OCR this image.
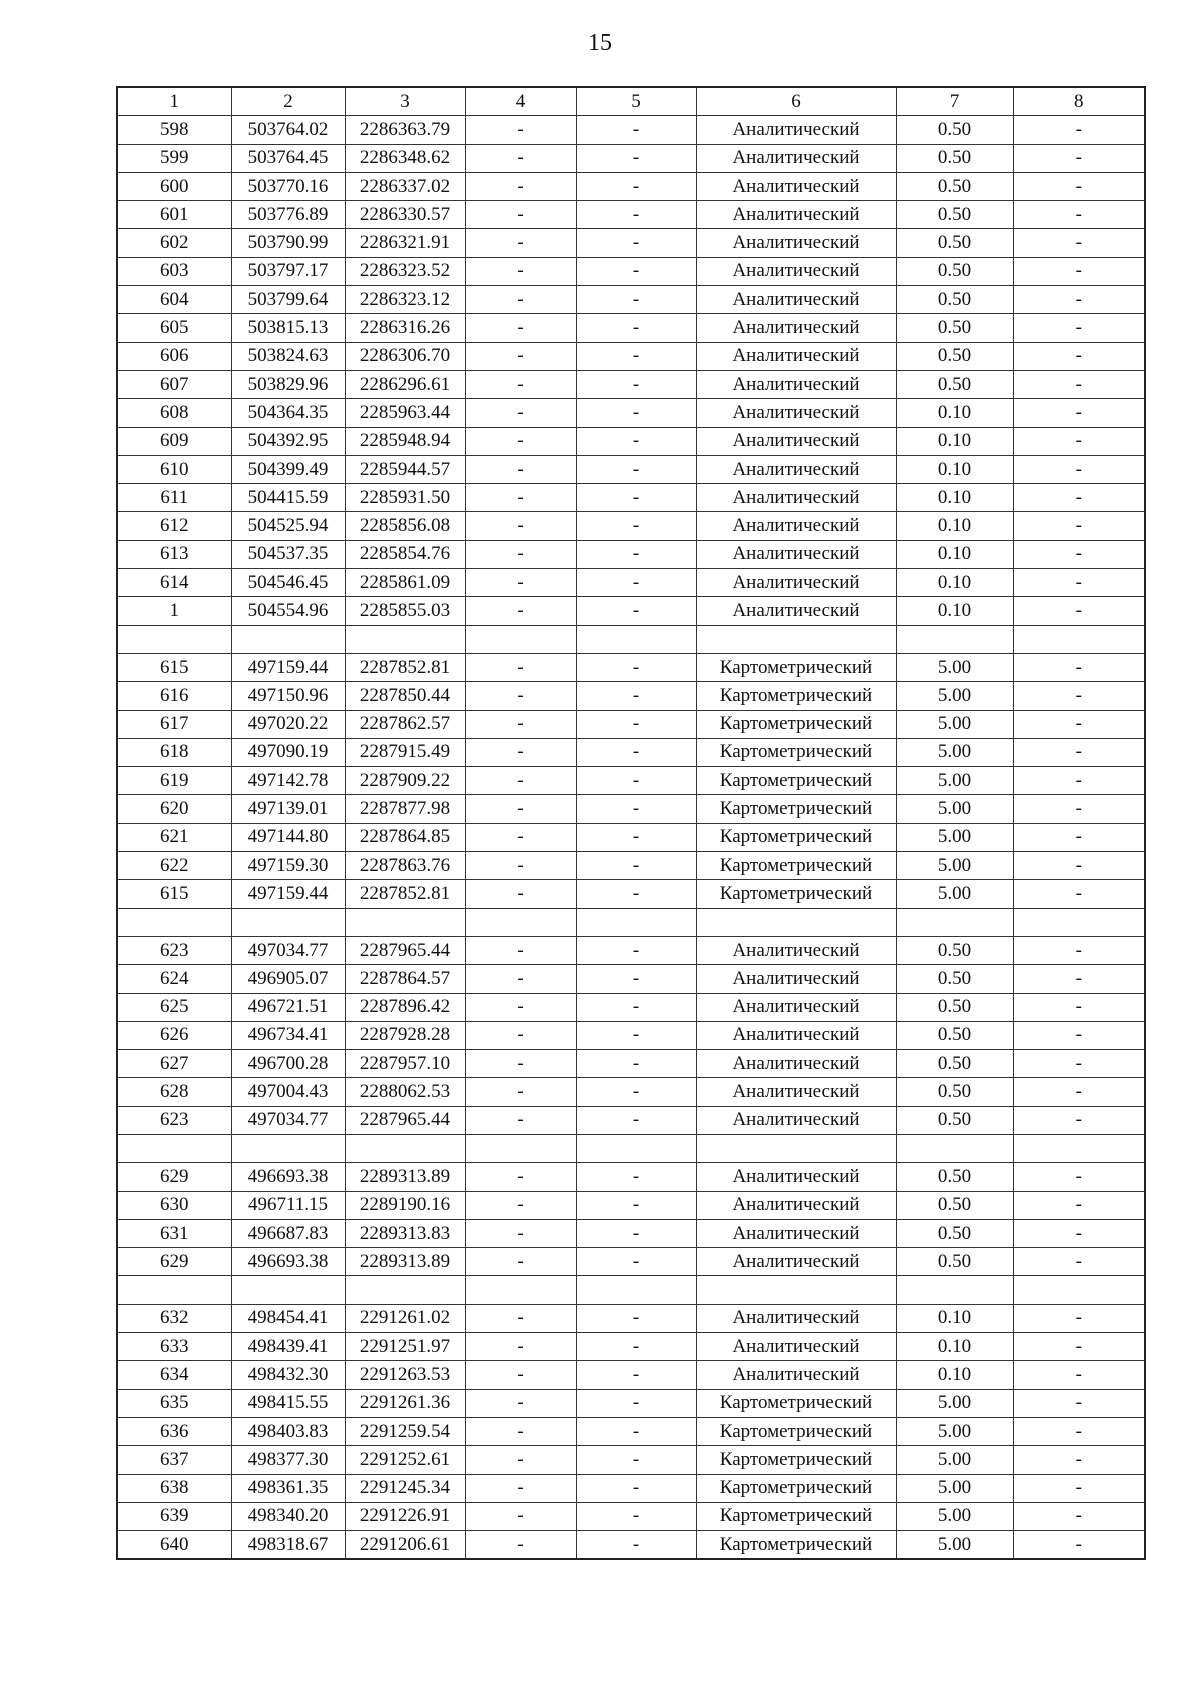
15
1	2	3	4	5	6	7	8
598	503764.02	2286363.79	-	-	Аналитический	0.50	-
599	503764.45	2286348.62	-	-	Аналитический	0.50	-
600	503770.16	2286337.02	-	-	Аналитический	0.50	-
601	503776.89	2286330.57	-	-	Аналитический	0.50	-
602	503790.99	2286321.91	-	-	Аналитический	0.50	-
603	503797.17	2286323.52	-	-	Аналитический	0.50	-
604	503799.64	2286323.12	-	-	Аналитический	0.50	-
605	503815.13	2286316.26	-	-	Аналитический	0.50	-
606	503824.63	2286306.70	-	-	Аналитический	0.50	-
607	503829.96	2286296.61	-	-	Аналитический	0.50	-
608	504364.35	2285963.44	-	-	Аналитический	0.10	-
609	504392.95	2285948.94	-	-	Аналитический	0.10	-
610	504399.49	2285944.57	-	-	Аналитический	0.10	-
611	504415.59	2285931.50	-	-	Аналитический	0.10	-
612	504525.94	2285856.08	-	-	Аналитический	0.10	-
613	504537.35	2285854.76	-	-	Аналитический	0.10	-
614	504546.45	2285861.09	-	-	Аналитический	0.10	-
1	504554.96	2285855.03	-	-	Аналитический	0.10	-

615	497159.44	2287852.81	-	-	Картометрический	5.00	-
616	497150.96	2287850.44	-	-	Картометрический	5.00	-
617	497020.22	2287862.57	-	-	Картометрический	5.00	-
618	497090.19	2287915.49	-	-	Картометрический	5.00	-
619	497142.78	2287909.22	-	-	Картометрический	5.00	-
620	497139.01	2287877.98	-	-	Картометрический	5.00	-
621	497144.80	2287864.85	-	-	Картометрический	5.00	-
622	497159.30	2287863.76	-	-	Картометрический	5.00	-
615	497159.44	2287852.81	-	-	Картометрический	5.00	-

623	497034.77	2287965.44	-	-	Аналитический	0.50	-
624	496905.07	2287864.57	-	-	Аналитический	0.50	-
625	496721.51	2287896.42	-	-	Аналитический	0.50	-
626	496734.41	2287928.28	-	-	Аналитический	0.50	-
627	496700.28	2287957.10	-	-	Аналитический	0.50	-
628	497004.43	2288062.53	-	-	Аналитический	0.50	-
623	497034.77	2287965.44	-	-	Аналитический	0.50	-

629	496693.38	2289313.89	-	-	Аналитический	0.50	-
630	496711.15	2289190.16	-	-	Аналитический	0.50	-
631	496687.83	2289313.83	-	-	Аналитический	0.50	-
629	496693.38	2289313.89	-	-	Аналитический	0.50	-

632	498454.41	2291261.02	-	-	Аналитический	0.10	-
633	498439.41	2291251.97	-	-	Аналитический	0.10	-
634	498432.30	2291263.53	-	-	Аналитический	0.10	-
635	498415.55	2291261.36	-	-	Картометрический	5.00	-
636	498403.83	2291259.54	-	-	Картометрический	5.00	-
637	498377.30	2291252.61	-	-	Картометрический	5.00	-
638	498361.35	2291245.34	-	-	Картометрический	5.00	-
639	498340.20	2291226.91	-	-	Картометрический	5.00	-
640	498318.67	2291206.61	-	-	Картометрический	5.00	-
